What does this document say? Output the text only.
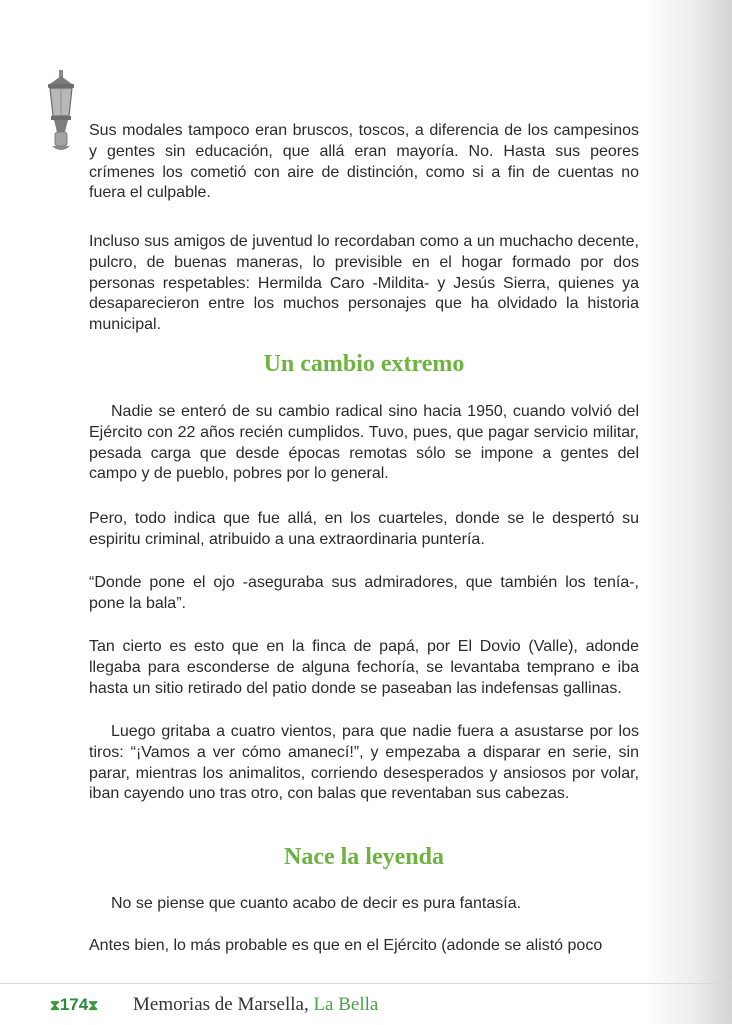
Sus modales tampoco eran bruscos, toscos, a diferencia de los campesinos y gentes sin educación, que allá eran mayoría. No. Hasta sus peores crímenes los cometió con aire de distinción, como si a fin de cuentas no fuera el culpable.

Incluso sus amigos de juventud lo recordaban como a un muchacho decente, pulcro, de buenas maneras, lo previsible en el hogar formado por dos personas respetables: Hermilda Caro -Mildita- y Jesús Sierra, quienes ya desaparecieron entre los muchos personajes que ha olvidado la historia municipal.

Un cambio extremo

Nadie se enteró de su cambio radical sino hacia 1950, cuando volvió del Ejército con 22 años recién cumplidos. Tuvo, pues, que pagar servicio militar, pesada carga que desde épocas remotas sólo se impone a gentes del campo y de pueblo, pobres por lo general.

Pero, todo indica que fue allá, en los cuarteles, donde se le despertó su espiritu criminal, atribuido a una extraordinaria puntería.

“Donde pone el ojo -aseguraba sus admiradores, que también los tenía-, pone la bala”.

Tan cierto es esto que en la finca de papá, por El Dovio (Valle), adonde llegaba para esconderse de alguna fechoría, se levantaba temprano e iba hasta un sitio retirado del patio donde se paseaban las indefensas gallinas.

Luego gritaba a cuatro vientos, para que nadie fuera a asustarse por los tiros: “¡Vamos a ver cómo amanecí!”, y empezaba a disparar en serie, sin parar, mientras los animalitos, corriendo desesperados y ansiosos por volar, iban cayendo uno tras otro, con balas que reventaban sus cabezas.

Nace la leyenda

No se piense que cuanto acabo de decir es pura fantasía.

Antes bien, lo más probable es que en el Ejército (adonde se alistó poco

⧗174⧗ Memorias de Marsella, La Bella
